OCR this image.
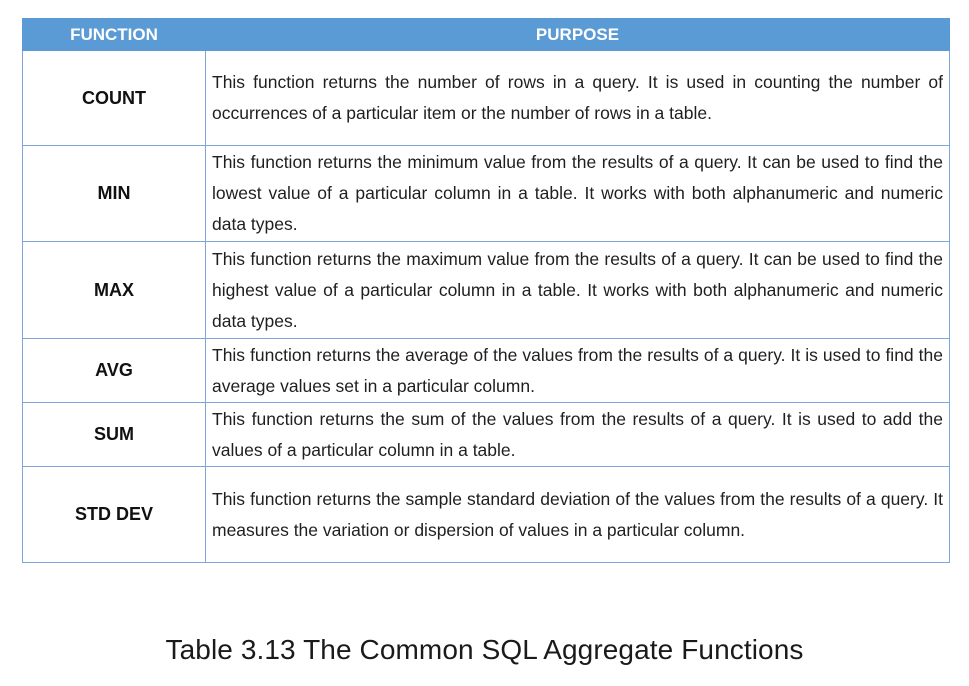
FUNCTION	PURPOSE
COUNT	This function returns the number of rows in a query. It is used in counting the number of occurrences of a particular item or the number of rows in a table.
MIN	This function returns the minimum value from the results of a query. It can be used to find the lowest value of a particular column in a table. It works with both alphanumeric and numeric data types.
MAX	This function returns the maximum value from the results of a query. It can be used to find the highest value of a particular column in a table. It works with both alphanumeric and numeric data types.
AVG	This function returns the average of the values from the results of a query. It is used to find the average values set in a particular column.
SUM	This function returns the sum of the values from the results of a query. It is used to add the values of a particular column in a table.
STD DEV	This function returns the sample standard deviation of the values from the results of a query. It measures the variation or dispersion of values in a particular column.
Table 3.13 The Common SQL Aggregate Functions
